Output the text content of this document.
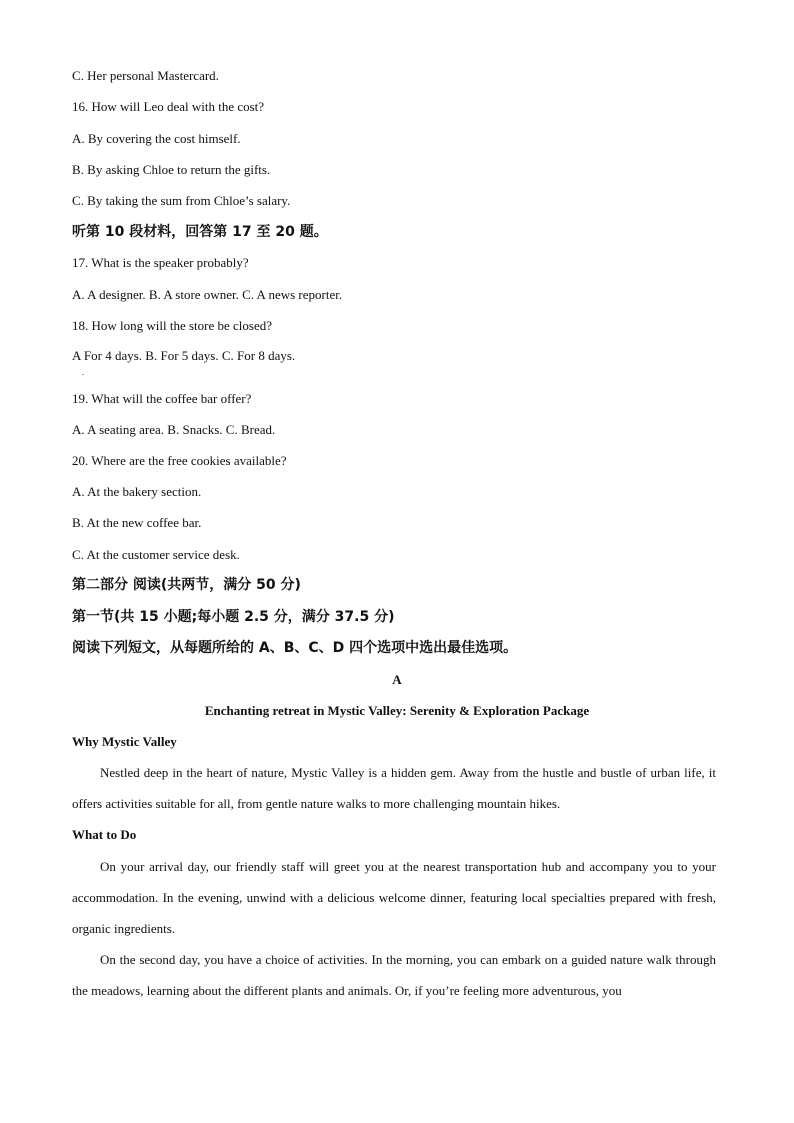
C. Her personal Mastercard.
16. How will Leo deal with the cost?
A. By covering the cost himself.
B. By asking Chloe to return the gifts.
C. By taking the sum from Chloe’s salary.
听第 10 段材料，回答第 17 至 20 题。
17. What is the speaker probably?
A. A designer. B. A store owner. C. A news reporter.
18. How long will the store be closed?
A For 4 days. B. For 5 days. C. For 8 days.
.
19. What will the coffee bar offer?
A. A seating area. B. Snacks. C. Bread.
20. Where are the free cookies available?
A. At the bakery section.
B. At the new coffee bar.
C. At the customer service desk.
第二部分 阅读(共两节，满分 50 分)
第一节(共 15 小题;每小题 2.5 分，满分 37.5 分)
阅读下列短文，从每题所给的 A、B、C、D 四个选项中选出最佳选项。
A
Enchanting retreat in Mystic Valley: Serenity & Exploration Package
Why Mystic Valley
Nestled deep in the heart of nature, Mystic Valley is a hidden gem. Away from the hustle and bustle of urban life, it offers activities suitable for all, from gentle nature walks to more challenging mountain hikes.
What to Do
On your arrival day, our friendly staff will greet you at the nearest transportation hub and accompany you to your accommodation. In the evening, unwind with a delicious welcome dinner, featuring local specialties prepared with fresh, organic ingredients.
On the second day, you have a choice of activities. In the morning, you can embark on a guided nature walk through the meadows, learning about the different plants and animals. Or, if you’re feeling more adventurous, you
